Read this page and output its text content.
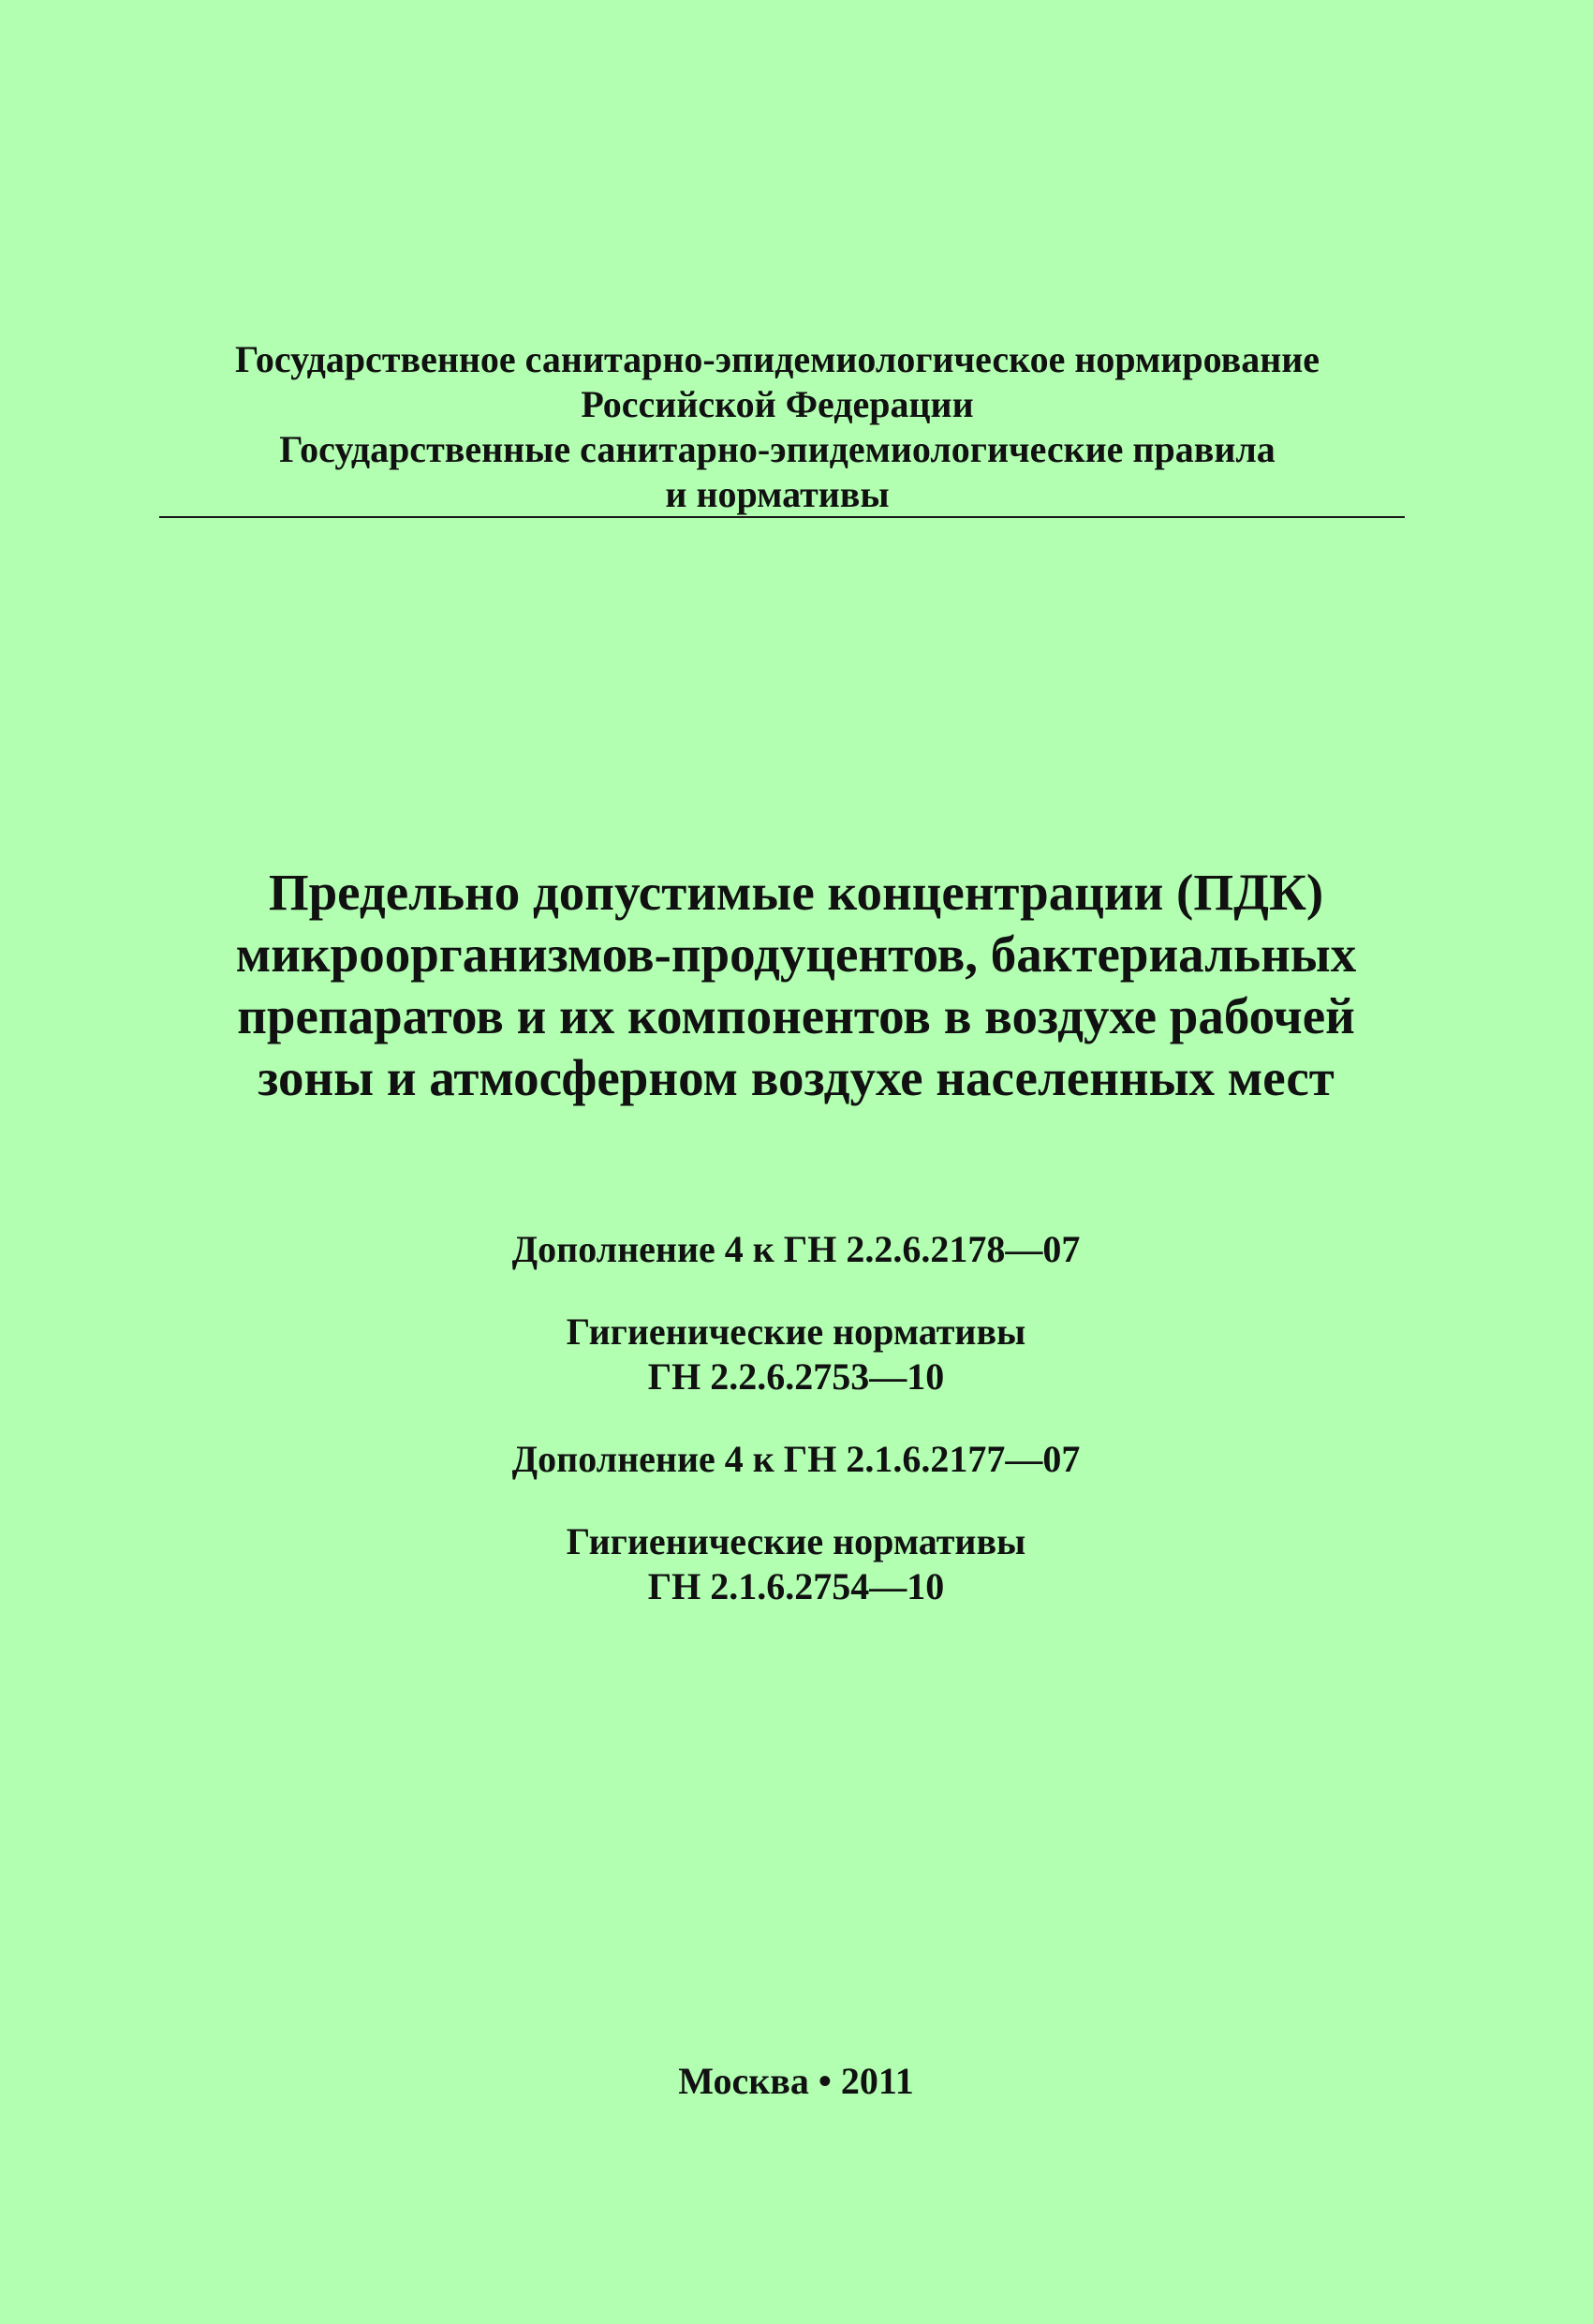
Государственное санитарно-эпидемиологическое нормирование
Российской Федерации
Государственные санитарно-эпидемиологические правила
и нормативы
Предельно допустимые концентрации (ПДК)
микроорганизмов-продуцентов, бактериальных
препаратов и их компонентов в воздухе рабочей
зоны и атмосферном воздухе населенных мест
Дополнение 4 к ГН 2.2.6.2178—07
Гигиенические нормативы
ГН 2.2.6.2753—10
Дополнение 4 к ГН 2.1.6.2177—07
Гигиенические нормативы
ГН 2.1.6.2754—10
Москва • 2011
